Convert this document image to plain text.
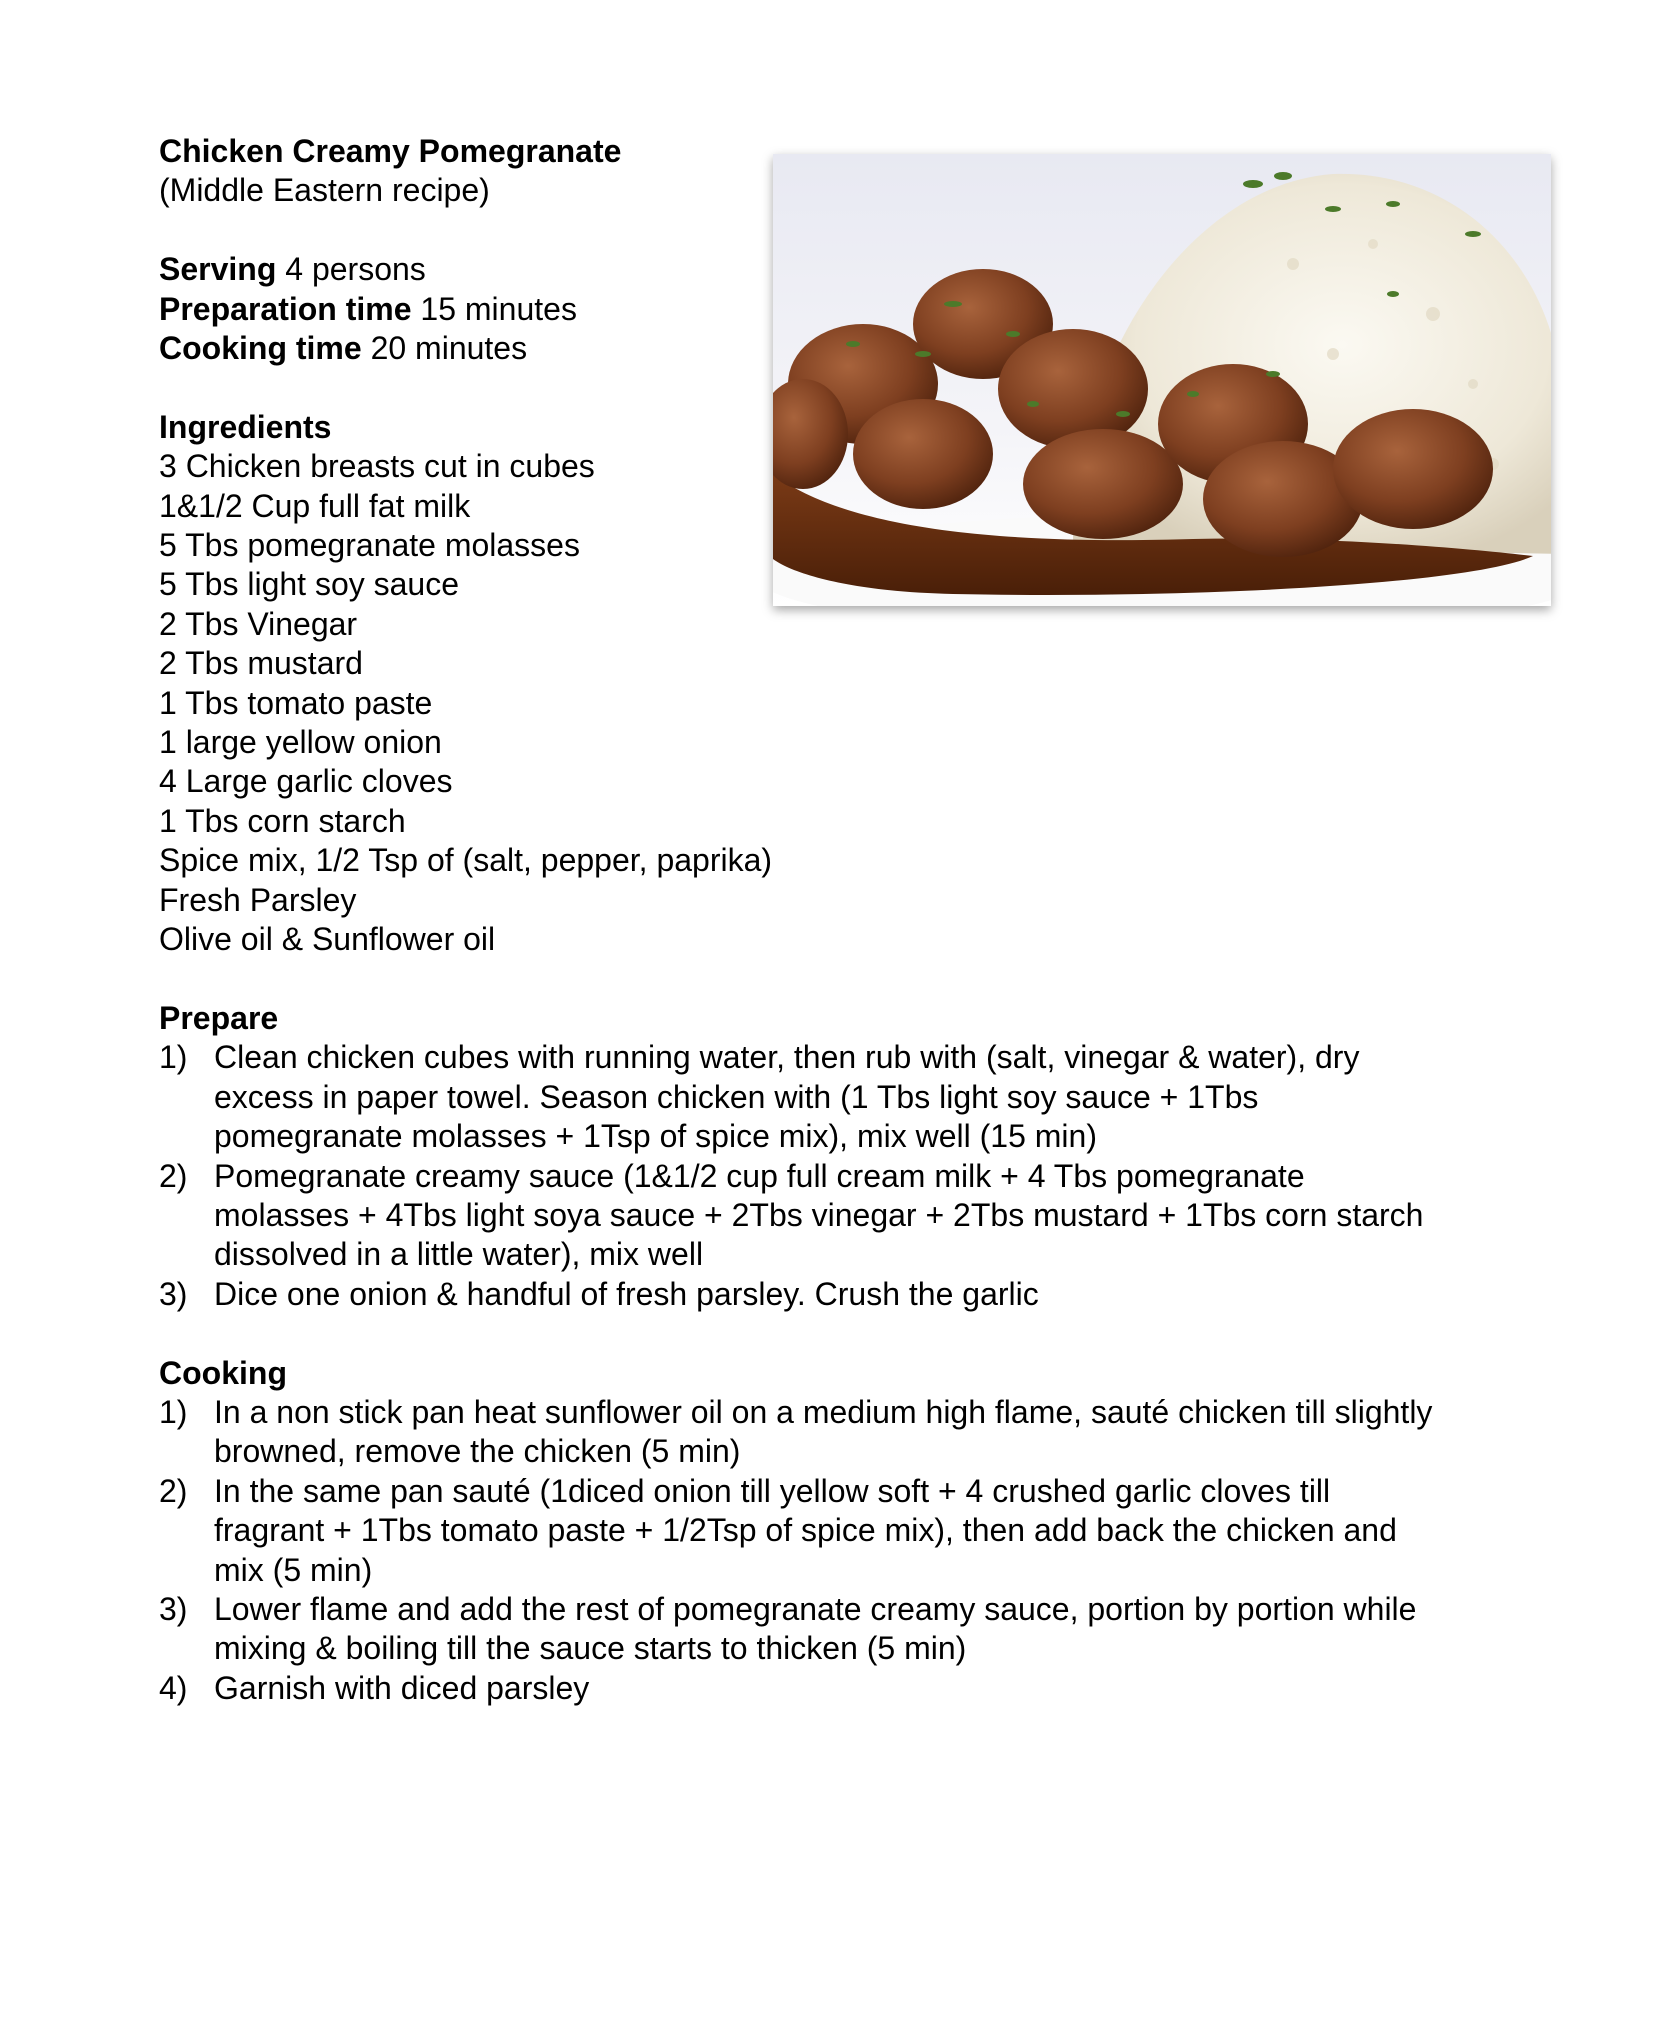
Chicken Creamy Pomegranate

(Middle Eastern recipe)

Serving 4 persons

Preparation time 15 minutes

Cooking time 20 minutes

Ingredients

3 Chicken breasts cut in cubes

1&1/2 Cup full fat milk

5 Tbs pomegranate molasses

5 Tbs light soy sauce

2 Tbs Vinegar

2 Tbs mustard

1 Tbs tomato paste

1 large yellow onion

4 Large garlic cloves

1 Tbs corn starch

Spice mix, 1/2 Tsp of (salt, pepper, paprika)

Fresh Parsley

Olive oil & Sunflower oil

Prepare

1) Clean chicken cubes with running water, then rub with (salt, vinegar & water), dry

excess in paper towel. Season chicken with (1 Tbs light soy sauce + 1Tbs

pomegranate molasses + 1Tsp of spice mix), mix well (15 min)

2) Pomegranate creamy sauce (1&1/2 cup full cream milk + 4 Tbs pomegranate

molasses + 4Tbs light soya sauce + 2Tbs vinegar + 2Tbs mustard + 1Tbs corn starch

dissolved in a little water), mix well

3) Dice one onion & handful of fresh parsley. Crush the garlic

Cooking

1) In a non stick pan heat sunflower oil on a medium high flame, sauté chicken till slightly

browned, remove the chicken (5 min)

2) In the same pan sauté (1diced onion till yellow soft + 4 crushed garlic cloves till

fragrant + 1Tbs tomato paste + 1/2Tsp of spice mix), then add back the chicken and

mix (5 min)

3) Lower flame and add the rest of pomegranate creamy sauce, portion by portion while

mixing & boiling till the sauce starts to thicken (5 min)

4) Garnish with diced parsley
